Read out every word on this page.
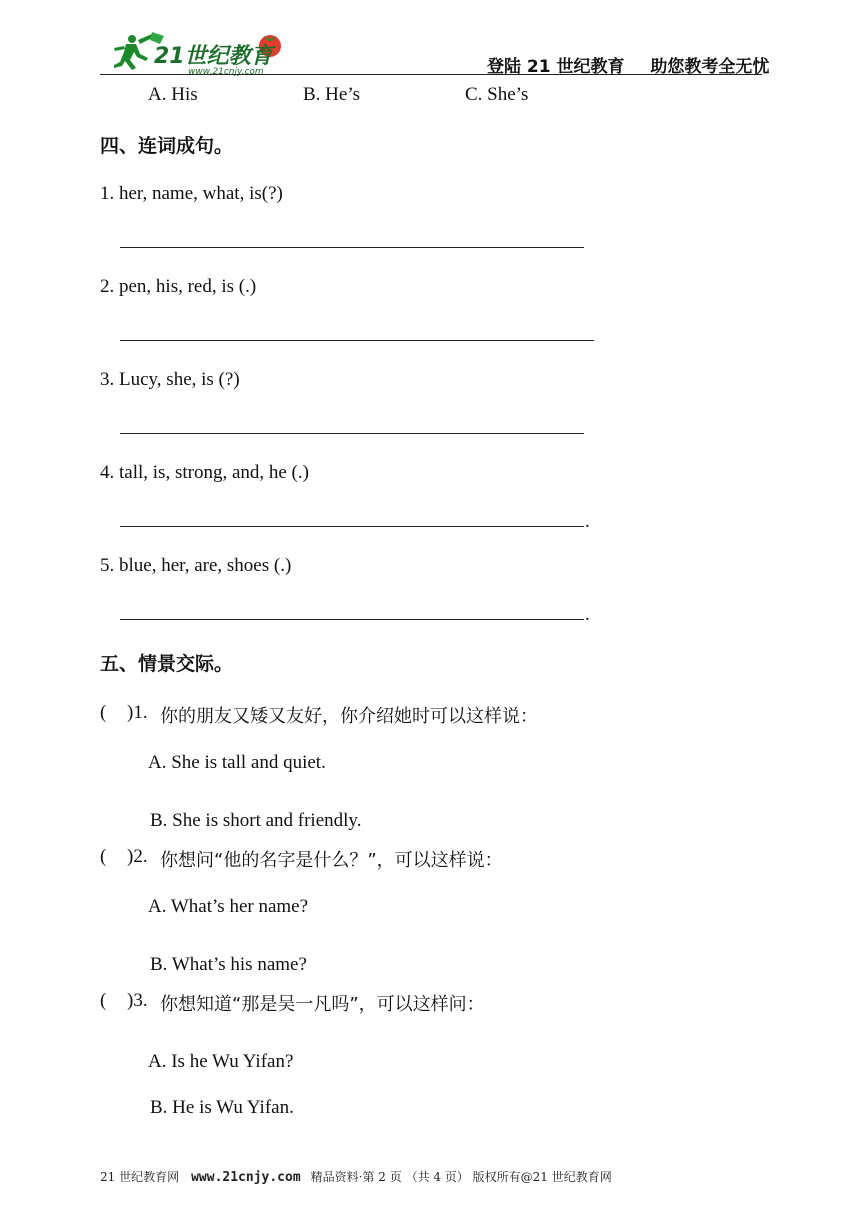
21世纪教育
www.21cnjy.com	登陆 21 世纪教育 助您教考全无忧
A. His	B. He’s	C. She’s
四、连词成句。
1. her, name, what, is(?)
2. pen, his, red, is (.)
3. Lucy, she, is (?)
4. tall, is, strong, and, he (.)
.
5. blue, her, are, shoes (.)
.
五、情景交际。
( )1. 你的朋友又矮又友好，你介绍她时可以这样说：
A. She is tall and quiet.
B. She is short and friendly.
( )2. 你想问“他的名字是什么？”，可以这样说：
A. What’s her name?
B. What’s his name?
( )3. 你想知道“那是吴一凡吗”，可以这样问：
A. Is he Wu Yifan?
B. He is Wu Yifan.
21 世纪教育网 www.21cnjy.com 精品资料·第 2 页 （共 4 页） 版权所有@21 世纪教育网
